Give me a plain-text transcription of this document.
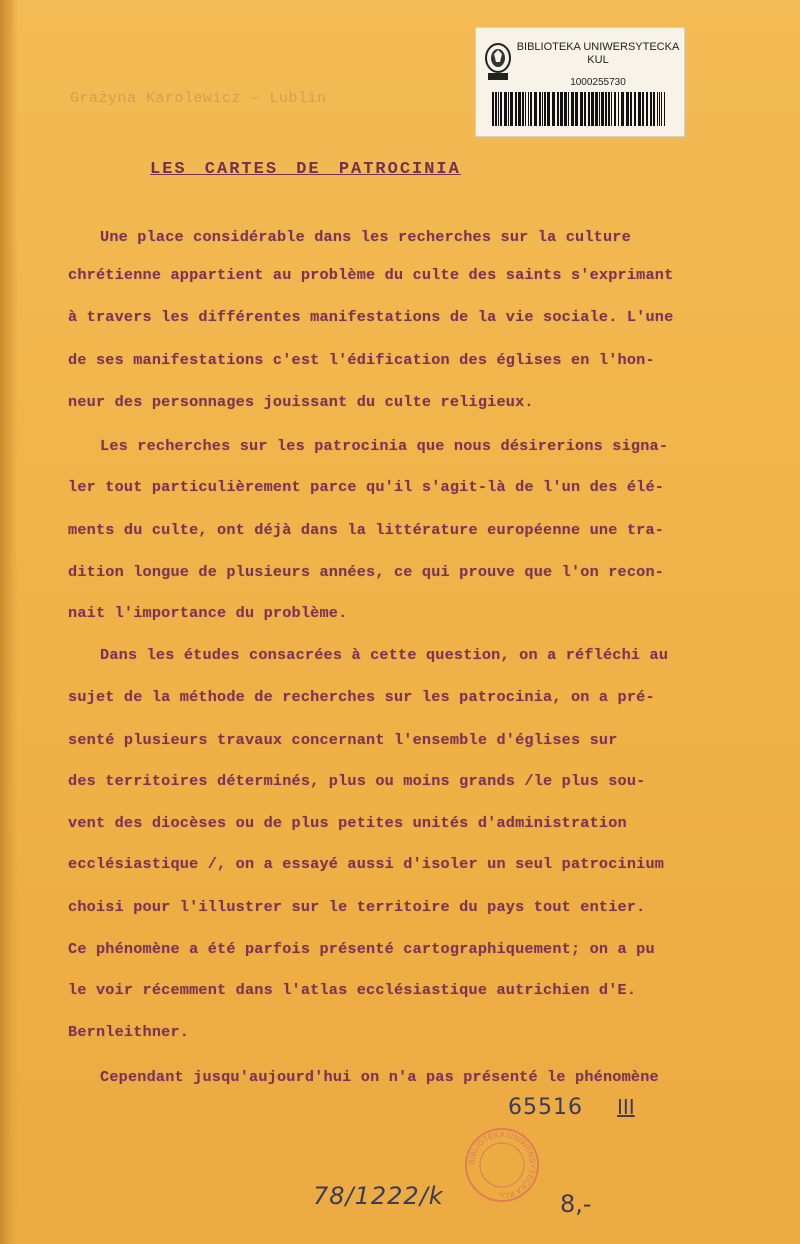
BIBLIOTEKA UNIWERSYTECKA KUL
1000255730
Grażyna Karolewicz – Lublin
LES CARTES DE PATROCINIA
Une place considérable dans les recherches sur la culture
chrétienne appartient au problème du culte des saints s'exprimant
à travers les différentes manifestations de la vie sociale. L'une
de ses manifestations c'est l'édification des églises en l'hon-
neur des personnages jouissant du culte religieux.
Les recherches sur les patrocinia que nous désirerions signa-
ler tout particulièrement parce qu'il s'agit-là de l'un des élé-
ments du culte, ont déjà dans la littérature européenne une tra-
dition longue de plusieurs années, ce qui prouve que l'on recon-
nait l'importance du problème.
Dans les études consacrées à cette question, on a réfléchi au
sujet de la méthode de recherches sur les patrocinia, on a pré-
senté plusieurs travaux concernant l'ensemble d'églises sur
des territoires déterminés, plus ou moins grands /le plus sou-
vent des diocèses ou de plus petites unités d'administration
ecclésiastique /, on a essayé aussi d'isoler un seul patrocinium
choisi pour l'illustrer sur le territoire du pays tout entier.
Ce phénomène a été parfois présenté cartographiquement; on a pu
le voir récemment dans l'atlas ecclésiastique autrichien d'E.
Bernleithner.
Cependant jusqu'aujourd'hui on n'a pas présenté le phénomène
65516 III
78/1222/k	8,-
BIBLIOTEKA UNIWERSYTECKA KUL
